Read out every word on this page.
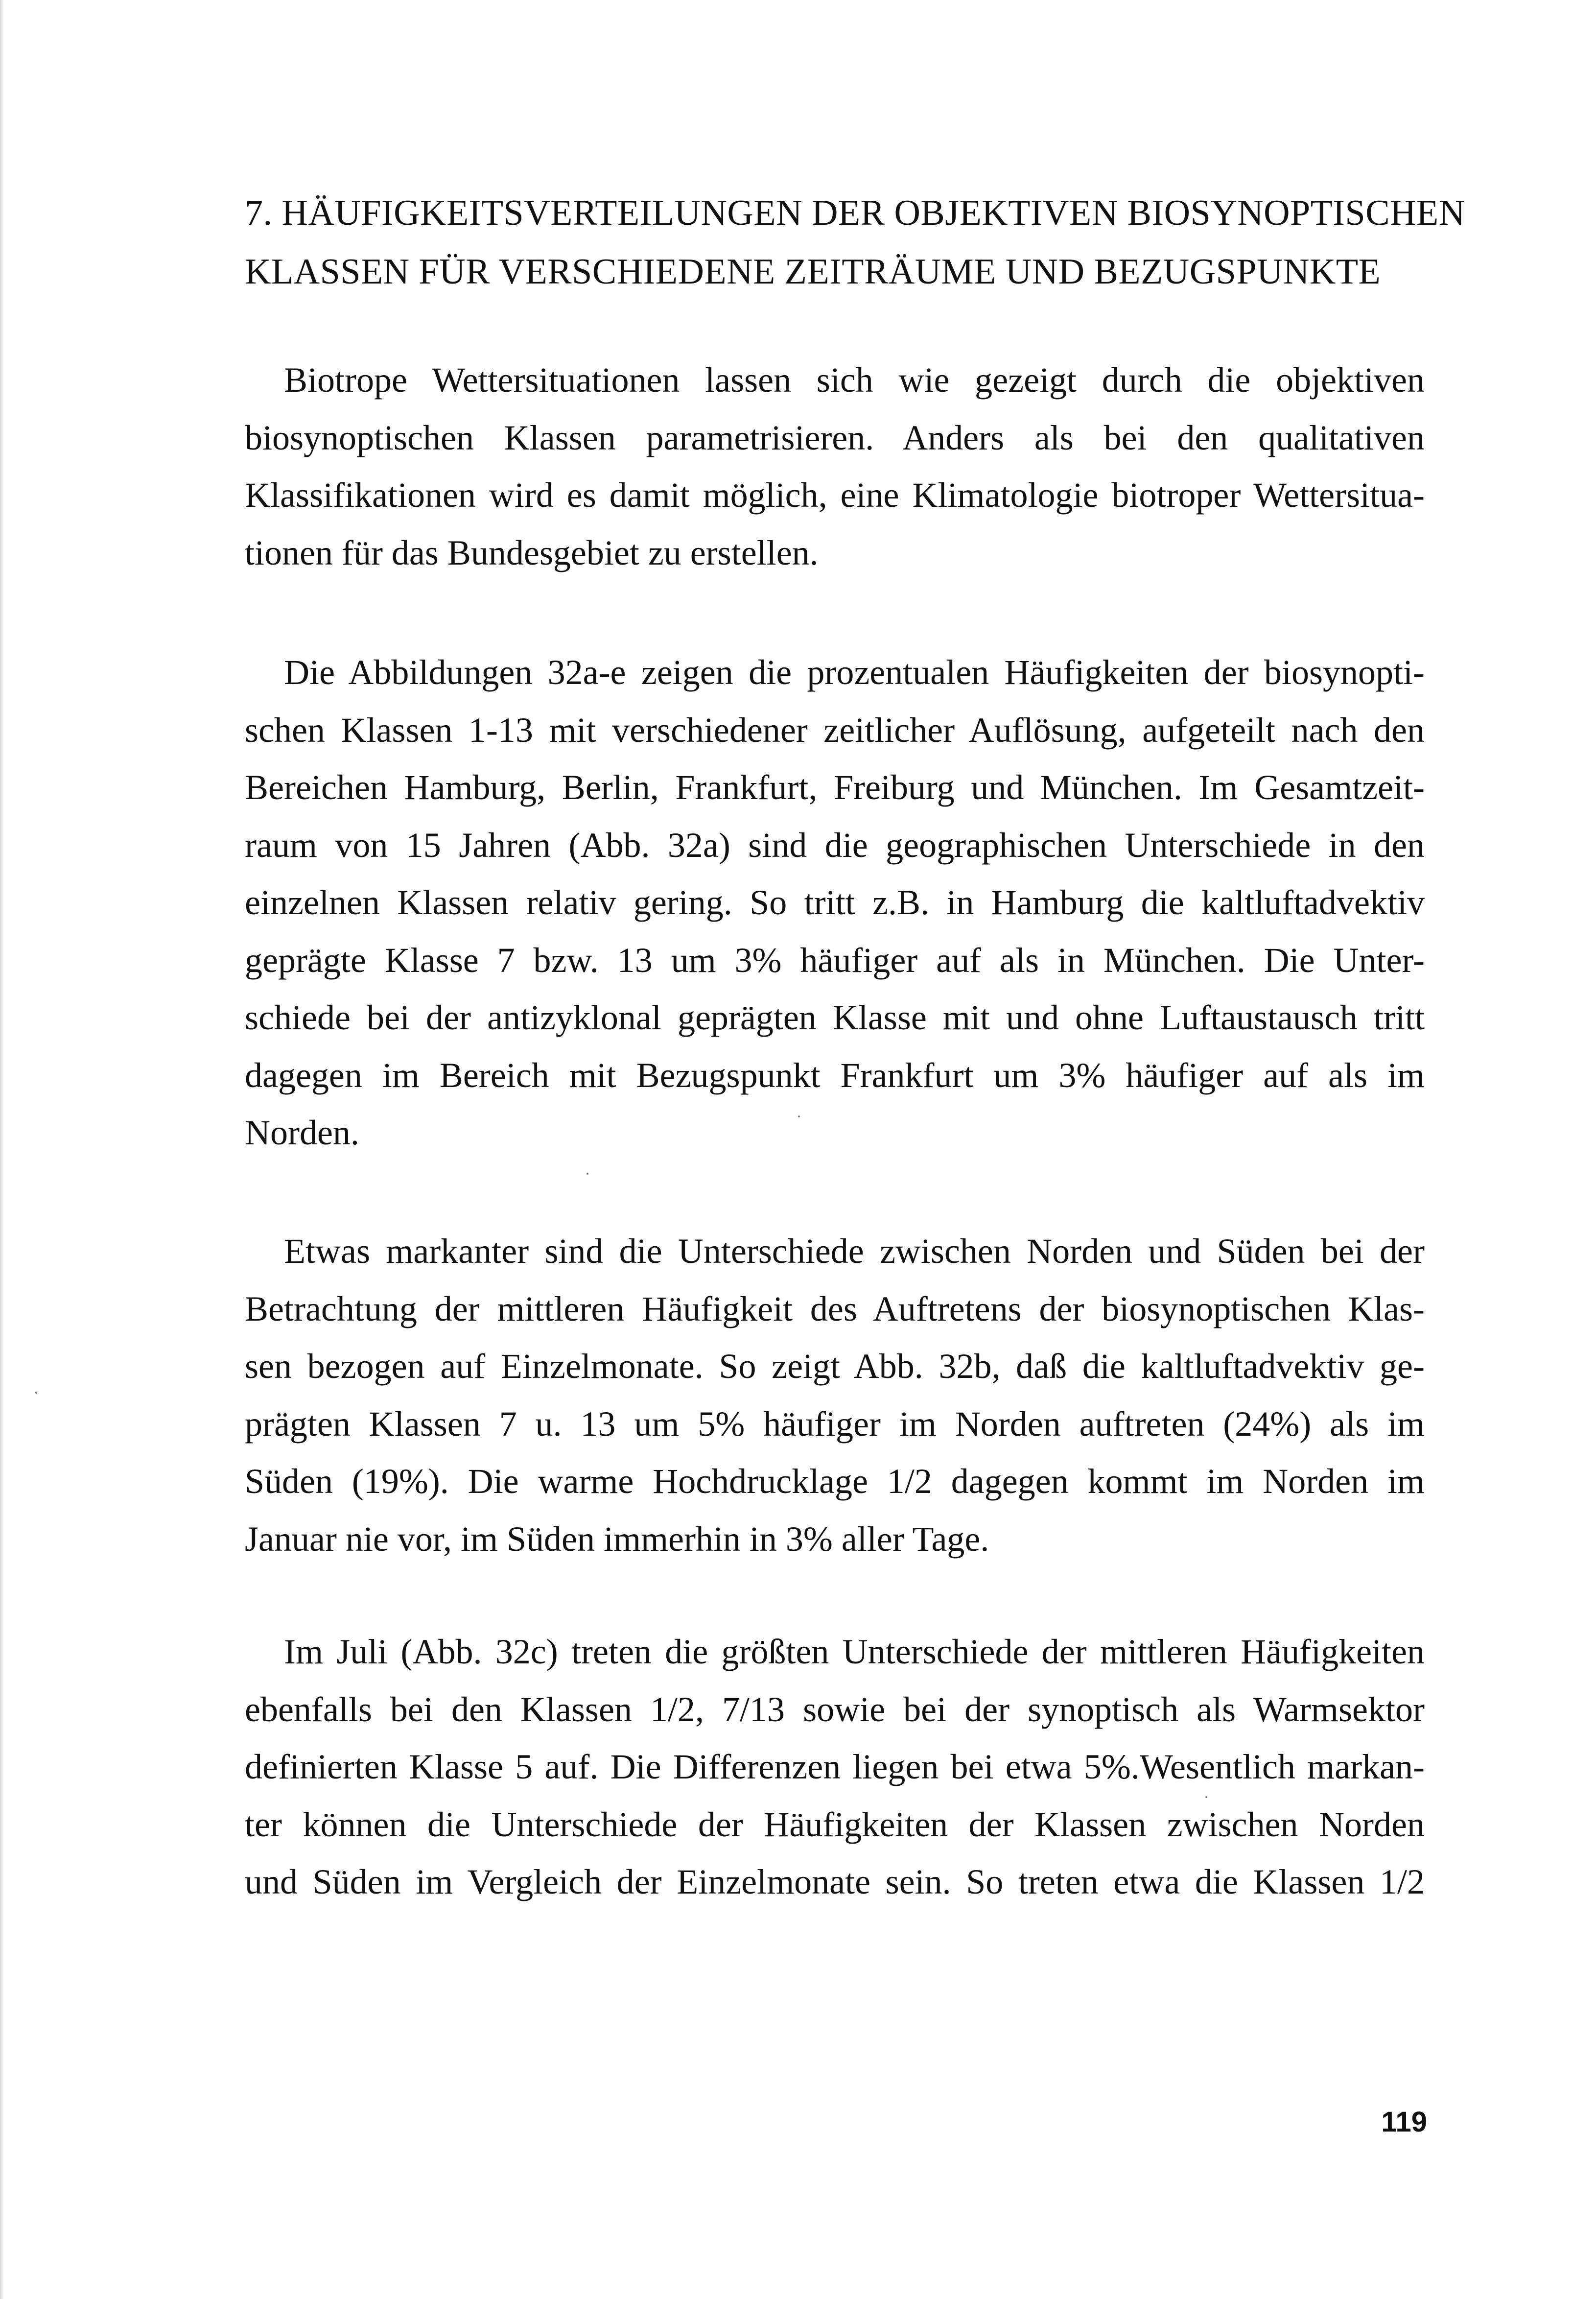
7. HÄUFIGKEITSVERTEILUNGEN DER OBJEKTIVEN BIOSYNOPTISCHEN
KLASSEN FÜR VERSCHIEDENE ZEITRÄUME UND BEZUGSPUNKTE
Biotrope Wettersituationen lassen sich wie gezeigt durch die objektiven
biosynoptischen Klassen parametrisieren. Anders als bei den qualitativen
Klassifikationen wird es damit möglich, eine Klimatologie biotroper Wettersitua-
tionen für das Bundesgebiet zu erstellen.
Die Abbildungen 32a-e zeigen die prozentualen Häufigkeiten der biosynopti-
schen Klassen 1-13 mit verschiedener zeitlicher Auflösung, aufgeteilt nach den
Bereichen Hamburg, Berlin, Frankfurt, Freiburg und München. Im Gesamtzeit-
raum von 15 Jahren (Abb. 32a) sind die geographischen Unterschiede in den
einzelnen Klassen relativ gering. So tritt z.B. in Hamburg die kaltluftadvektiv
geprägte Klasse 7 bzw. 13 um 3% häufiger auf als in München. Die Unter-
schiede bei der antizyklonal geprägten Klasse mit und ohne Luftaustausch tritt
dagegen im Bereich mit Bezugspunkt Frankfurt um 3% häufiger auf als im
Norden.
Etwas markanter sind die Unterschiede zwischen Norden und Süden bei der
Betrachtung der mittleren Häufigkeit des Auftretens der biosynoptischen Klas-
sen bezogen auf Einzelmonate. So zeigt Abb. 32b, daß die kaltluftadvektiv ge-
prägten Klassen 7 u. 13 um 5% häufiger im Norden auftreten (24%) als im
Süden (19%). Die warme Hochdrucklage 1/2 dagegen kommt im Norden im
Januar nie vor, im Süden immerhin in 3% aller Tage.
Im Juli (Abb. 32c) treten die größten Unterschiede der mittleren Häufigkeiten
ebenfalls bei den Klassen 1/2, 7/13 sowie bei der synoptisch als Warmsektor
definierten Klasse 5 auf. Die Differenzen liegen bei etwa 5%.Wesentlich markan-
ter können die Unterschiede der Häufigkeiten der Klassen zwischen Norden
und Süden im Vergleich der Einzelmonate sein. So treten etwa die Klassen 1/2
119
